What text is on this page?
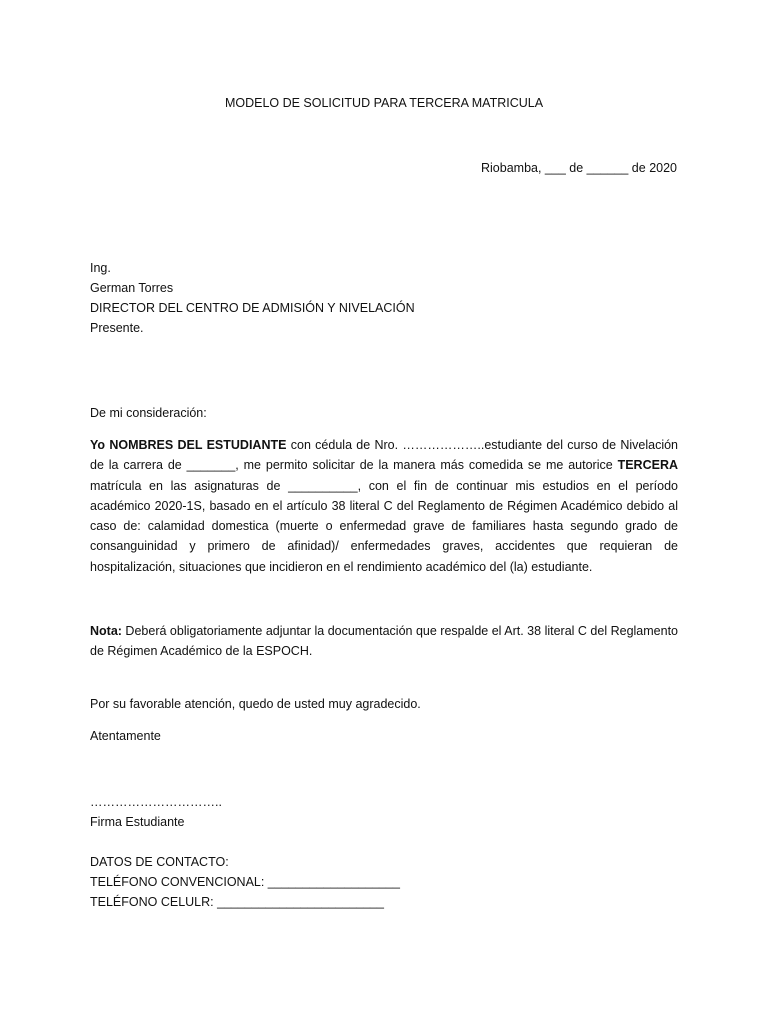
MODELO DE SOLICITUD PARA TERCERA MATRICULA
Riobamba, ___ de ______ de 2020
Ing.
German Torres
DIRECTOR DEL CENTRO DE ADMISIÓN Y NIVELACIÓN
Presente.
De mi consideración:
Yo NOMBRES DEL ESTUDIANTE con cédula de Nro. ………………..estudiante del curso de Nivelación de la carrera de _______, me permito solicitar de la manera más comedida se me autorice TERCERA matrícula en las asignaturas de __________, con el fin de continuar mis estudios en el período académico 2020-1S, basado en el artículo 38 literal C del Reglamento de Régimen Académico debido al caso de: calamidad domestica (muerte o enfermedad grave de familiares hasta segundo grado de consanguinidad y primero de afinidad)/ enfermedades graves, accidentes que requieran de hospitalización, situaciones que incidieron en el rendimiento académico del (la) estudiante.
Nota: Deberá obligatoriamente adjuntar la documentación que respalde el Art. 38 literal C del Reglamento de Régimen Académico de la ESPOCH.
Por su favorable atención, quedo de usted muy agradecido.
Atentamente
…………………………..
Firma Estudiante
DATOS DE CONTACTO:
TELÉFONO CONVENCIONAL: ___________________
TELÉFONO CELULR: ________________________
